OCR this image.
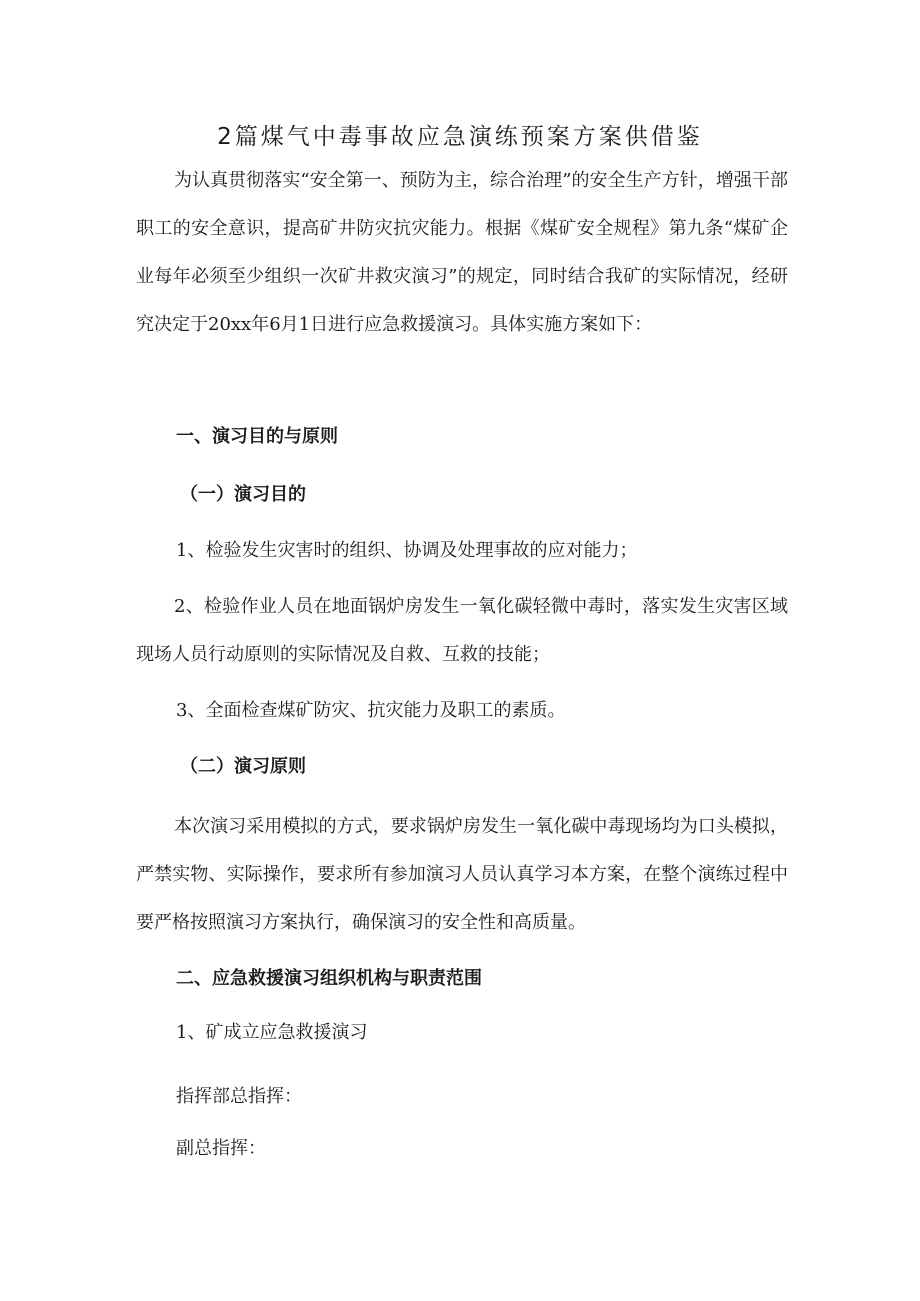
2篇煤气中毒事故应急演练预案方案供借鉴

为认真贯彻落实“安全第一、预防为主，综合治理”的安全生产方针，增强干部职工的安全意识，提高矿井防灾抗灾能力。根据《煤矿安全规程》第九条“煤矿企业每年必须至少组织一次矿井救灾演习”的规定，同时结合我矿的实际情况，经研究决定于20xx年6月1日进行应急救援演习。具体实施方案如下：

一、演习目的与原则
（一）演习目的
1、检验发生灾害时的组织、协调及处理事故的应对能力；

2、检验作业人员在地面锅炉房发生一氧化碳轻微中毒时，落实发生灾害区域现场人员行动原则的实际情况及自救、互救的技能；

3、全面检查煤矿防灾、抗灾能力及职工的素质。
（二）演习原则

本次演习采用模拟的方式，要求锅炉房发生一氧化碳中毒现场均为口头模拟，严禁实物、实际操作，要求所有参加演习人员认真学习本方案，在整个演练过程中要严格按照演习方案执行，确保演习的安全性和高质量。

二、应急救援演习组织机构与职责范围
1、矿成立应急救援演习
指挥部总指挥：
副总指挥：
